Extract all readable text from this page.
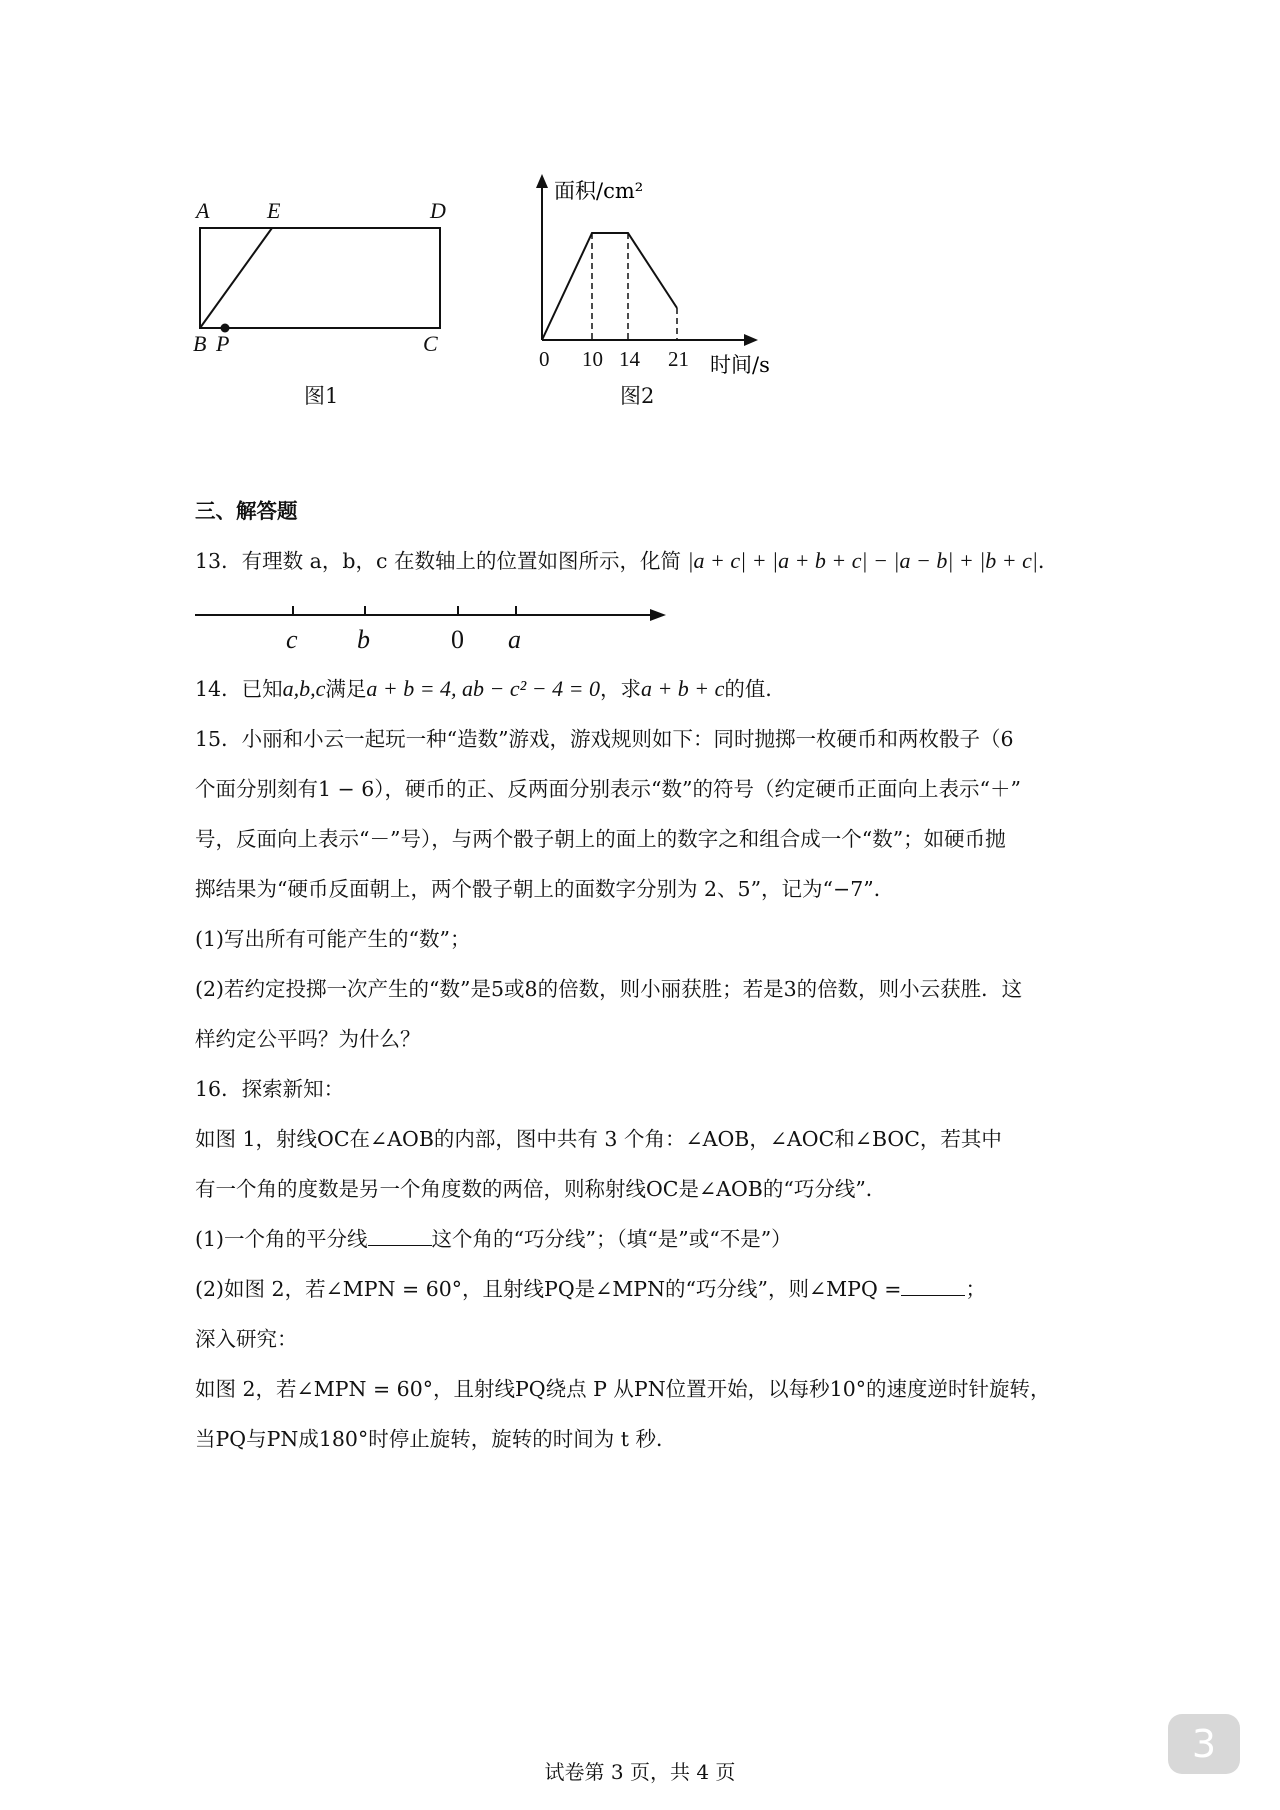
A	E	D
B P	C
图1
0 10 14 21
面积/cm²
时间/s
图2
三、解答题
13．有理数 a，b，c 在数轴上的位置如图所示，化简 |a + c| + |a + b + c| − |a − b| + |b + c|．
c b	0 a
14．已知a,b,c满足a + b = 4, ab − c² − 4 = 0，求a + b + c的值．
15．小丽和小云一起玩一种“造数”游戏，游戏规则如下：同时抛掷一枚硬币和两枚骰子（6
个面分别刻有1 − 6），硬币的正、反两面分别表示“数”的符号（约定硬币正面向上表示“＋”
号，反面向上表示“－”号），与两个骰子朝上的面上的数字之和组合成一个“数”；如硬币抛
掷结果为“硬币反面朝上，两个骰子朝上的面数字分别为 2、5”，记为“−7”．
(1)写出所有可能产生的“数”；
(2)若约定投掷一次产生的“数”是5或8的倍数，则小丽获胜；若是3的倍数，则小云获胜．这
样约定公平吗？为什么？
16．探索新知：
如图 1，射线OC在∠AOB的内部，图中共有 3 个角：∠AOB，∠AOC和∠BOC，若其中
有一个角的度数是另一个角度数的两倍，则称射线OC是∠AOB的“巧分线”．
(1)一个角的平分线	这个角的“巧分线”；（填“是”或“不是”）
(2)如图 2，若∠MPN = 60°，且射线PQ是∠MPN的“巧分线”，则∠MPQ =	；
深入研究：
如图 2，若∠MPN = 60°，且射线PQ绕点 P 从PN位置开始，以每秒10°的速度逆时针旋转，
当PQ与PN成180°时停止旋转，旋转的时间为 t 秒．
试卷第 3 页，共 4 页
3
